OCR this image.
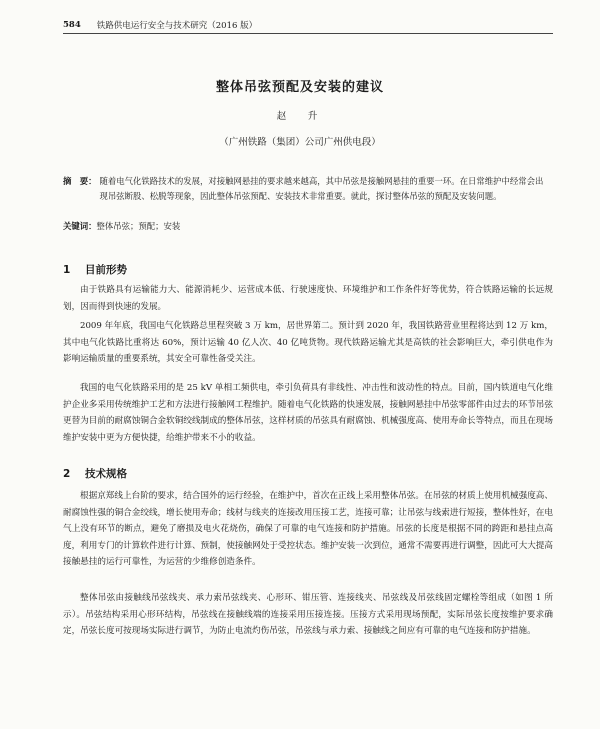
584 铁路供电运行安全与技术研究（2016 版）
整体吊弦预配及安装的建议
赵　升
（广州铁路（集团）公司广州供电段）
摘　要： 随着电气化铁路技术的发展，对接触网悬挂的要求越来越高，其中吊弦是接触网悬挂的重要一环。在日常维护中经常会出现吊弦断股、松脱等现象，因此整体吊弦预配、安装技术非常重要。就此，探讨整体吊弦的预配及安装问题。
关键词：整体吊弦；预配；安装
1 目前形势

由于铁路具有运输能力大、能源消耗少、运营成本低、行驶速度快、环境维护和工作条件好等优势，符合铁路运输的长远规划，因而得到快速的发展。

2009 年年底，我国电气化铁路总里程突破 3 万 km，居世界第二。预计到 2020 年，我国铁路营业里程将达到 12 万 km，其中电气化铁路比重将达 60%，预计运输 40 亿人次、40 亿吨货物。现代铁路运输尤其是高铁的社会影响巨大，牵引供电作为影响运输质量的重要系统，其安全可靠性备受关注。

我国的电气化铁路采用的是 25 kV 单相工频供电，牵引负荷具有非线性、冲击性和波动性的特点。目前，国内铁道电气化维护企业多采用传统维护工艺和方法进行接触网工程维护。随着电气化铁路的快速发展，接触网悬挂中吊弦零部件由过去的环节吊弦更替为目前的耐腐蚀铜合金软铜绞线制成的整体吊弦，这样材质的吊弦具有耐腐蚀、机械强度高、使用寿命长等特点，而且在现场维护安装中更为方便快捷，给维护带来不小的收益。

2 技术规格

根据京郑线上台阶的要求，结合国外的运行经验，在维护中，首次在正线上采用整体吊弦。在吊弦的材质上使用机械强度高、耐腐蚀性强的铜合金绞线，增长使用寿命；线材与线夹的连接改用压接工艺，连接可靠；让吊弦与线索进行短接，整体性好，在电气上没有环节的断点，避免了磨损及电火花烧伤，确保了可靠的电气连接和防护措施。吊弦的长度是根据不同的跨距和悬挂点高度，利用专门的计算软件进行计算、预制，使接触网处于受控状态。维护安装一次到位，通常不需要再进行调整，因此可大大提高接触悬挂的运行可靠性，为运营的少维修创造条件。

整体吊弦由接触线吊弦线夹、承力索吊弦线夹、心形环、钳压管、连接线夹、吊弦线及吊弦线固定螺栓等组成（如图 1 所示）。吊弦结构采用心形环结构，吊弦线在接触线端的连接采用压接连接。压接方式采用现场预配，实际吊弦长度按维护要求确定，吊弦长度可按现场实际进行调节，为防止电流灼伤吊弦，吊弦线与承力索、接触线之间应有可靠的电气连接和防护措施。
